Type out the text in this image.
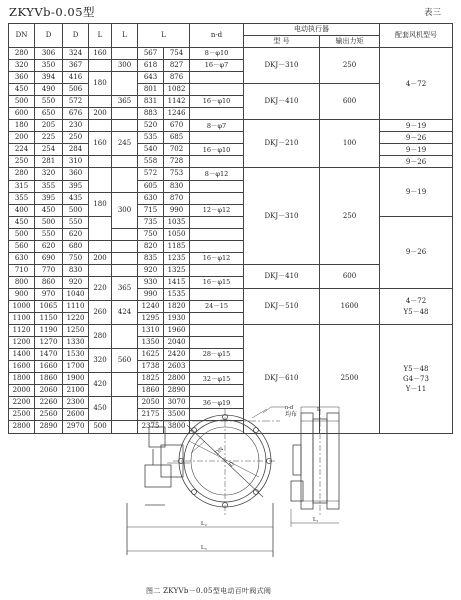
ZKYVb-0.05型	表三
DN	D	D	L	L	L		n-d	电动执行器		配套风机型号
								型 号	输出力矩	
280	306	324	160		567	754	8－φ10	DKJ－310	250	4－72

320	350	367		300	618	827	16－φ7			
360	394	416	180		643	876				
450	490	506			801	1082		DKJ－410	600	
500	550	572		365	831	1142	16－φ10			
600	650	676	200		883	1246				
180	205	230			520	670	8－φ7	DKJ－210	100	9－19

200	225	250	160	245	535	685				9－26

224	254	284			540	702	16－φ10			9－19

250	281	310			558	728				9－26

280	320	360			572	753	8－φ12	DKJ－310	250	9－19

315	355	395			605	830				
355	395	435	180	300	630	870				
400	450	500			715	990	12－φ12			
450	500	550			735	1035				9－26

500	550	620			750	1050				
560	620	680			820	1185				
630	690	750	200		835	1235	16－φ12			
710	770	830			920	1325		DKJ－410	600	
800	860	920	220	365	930	1415	16－φ15			
900	970	1040			990	1535		DKJ－510	1600	4－72
Y5－48

1000	1065	1110	260	424	1240	1820	24－15			
1100	1150	1220			1295	1930				
1120	1190	1250	280		1310	1960		DKJ－610	2500	Y5－48
G4－73
Y－11

1200	1270	1330			1350	2040				
1400	1470	1530	320	560	1625	2420	28－φ15			
1600	1660	1700			1738	2603				
1800	1860	1900	420		1825	2800	32－φ15			
2000	2060	2100			1860	2890				
2200	2260	2300	450		2050	3070	36－φ19			
2500	2560	2600			2175	3500				
2800	2890	2970	500		2375	3800				
n-d
均布
DN
D
L₂
L₃
L
L₁
图二 ZKYVb－0.05型电动百叶阀式阀
